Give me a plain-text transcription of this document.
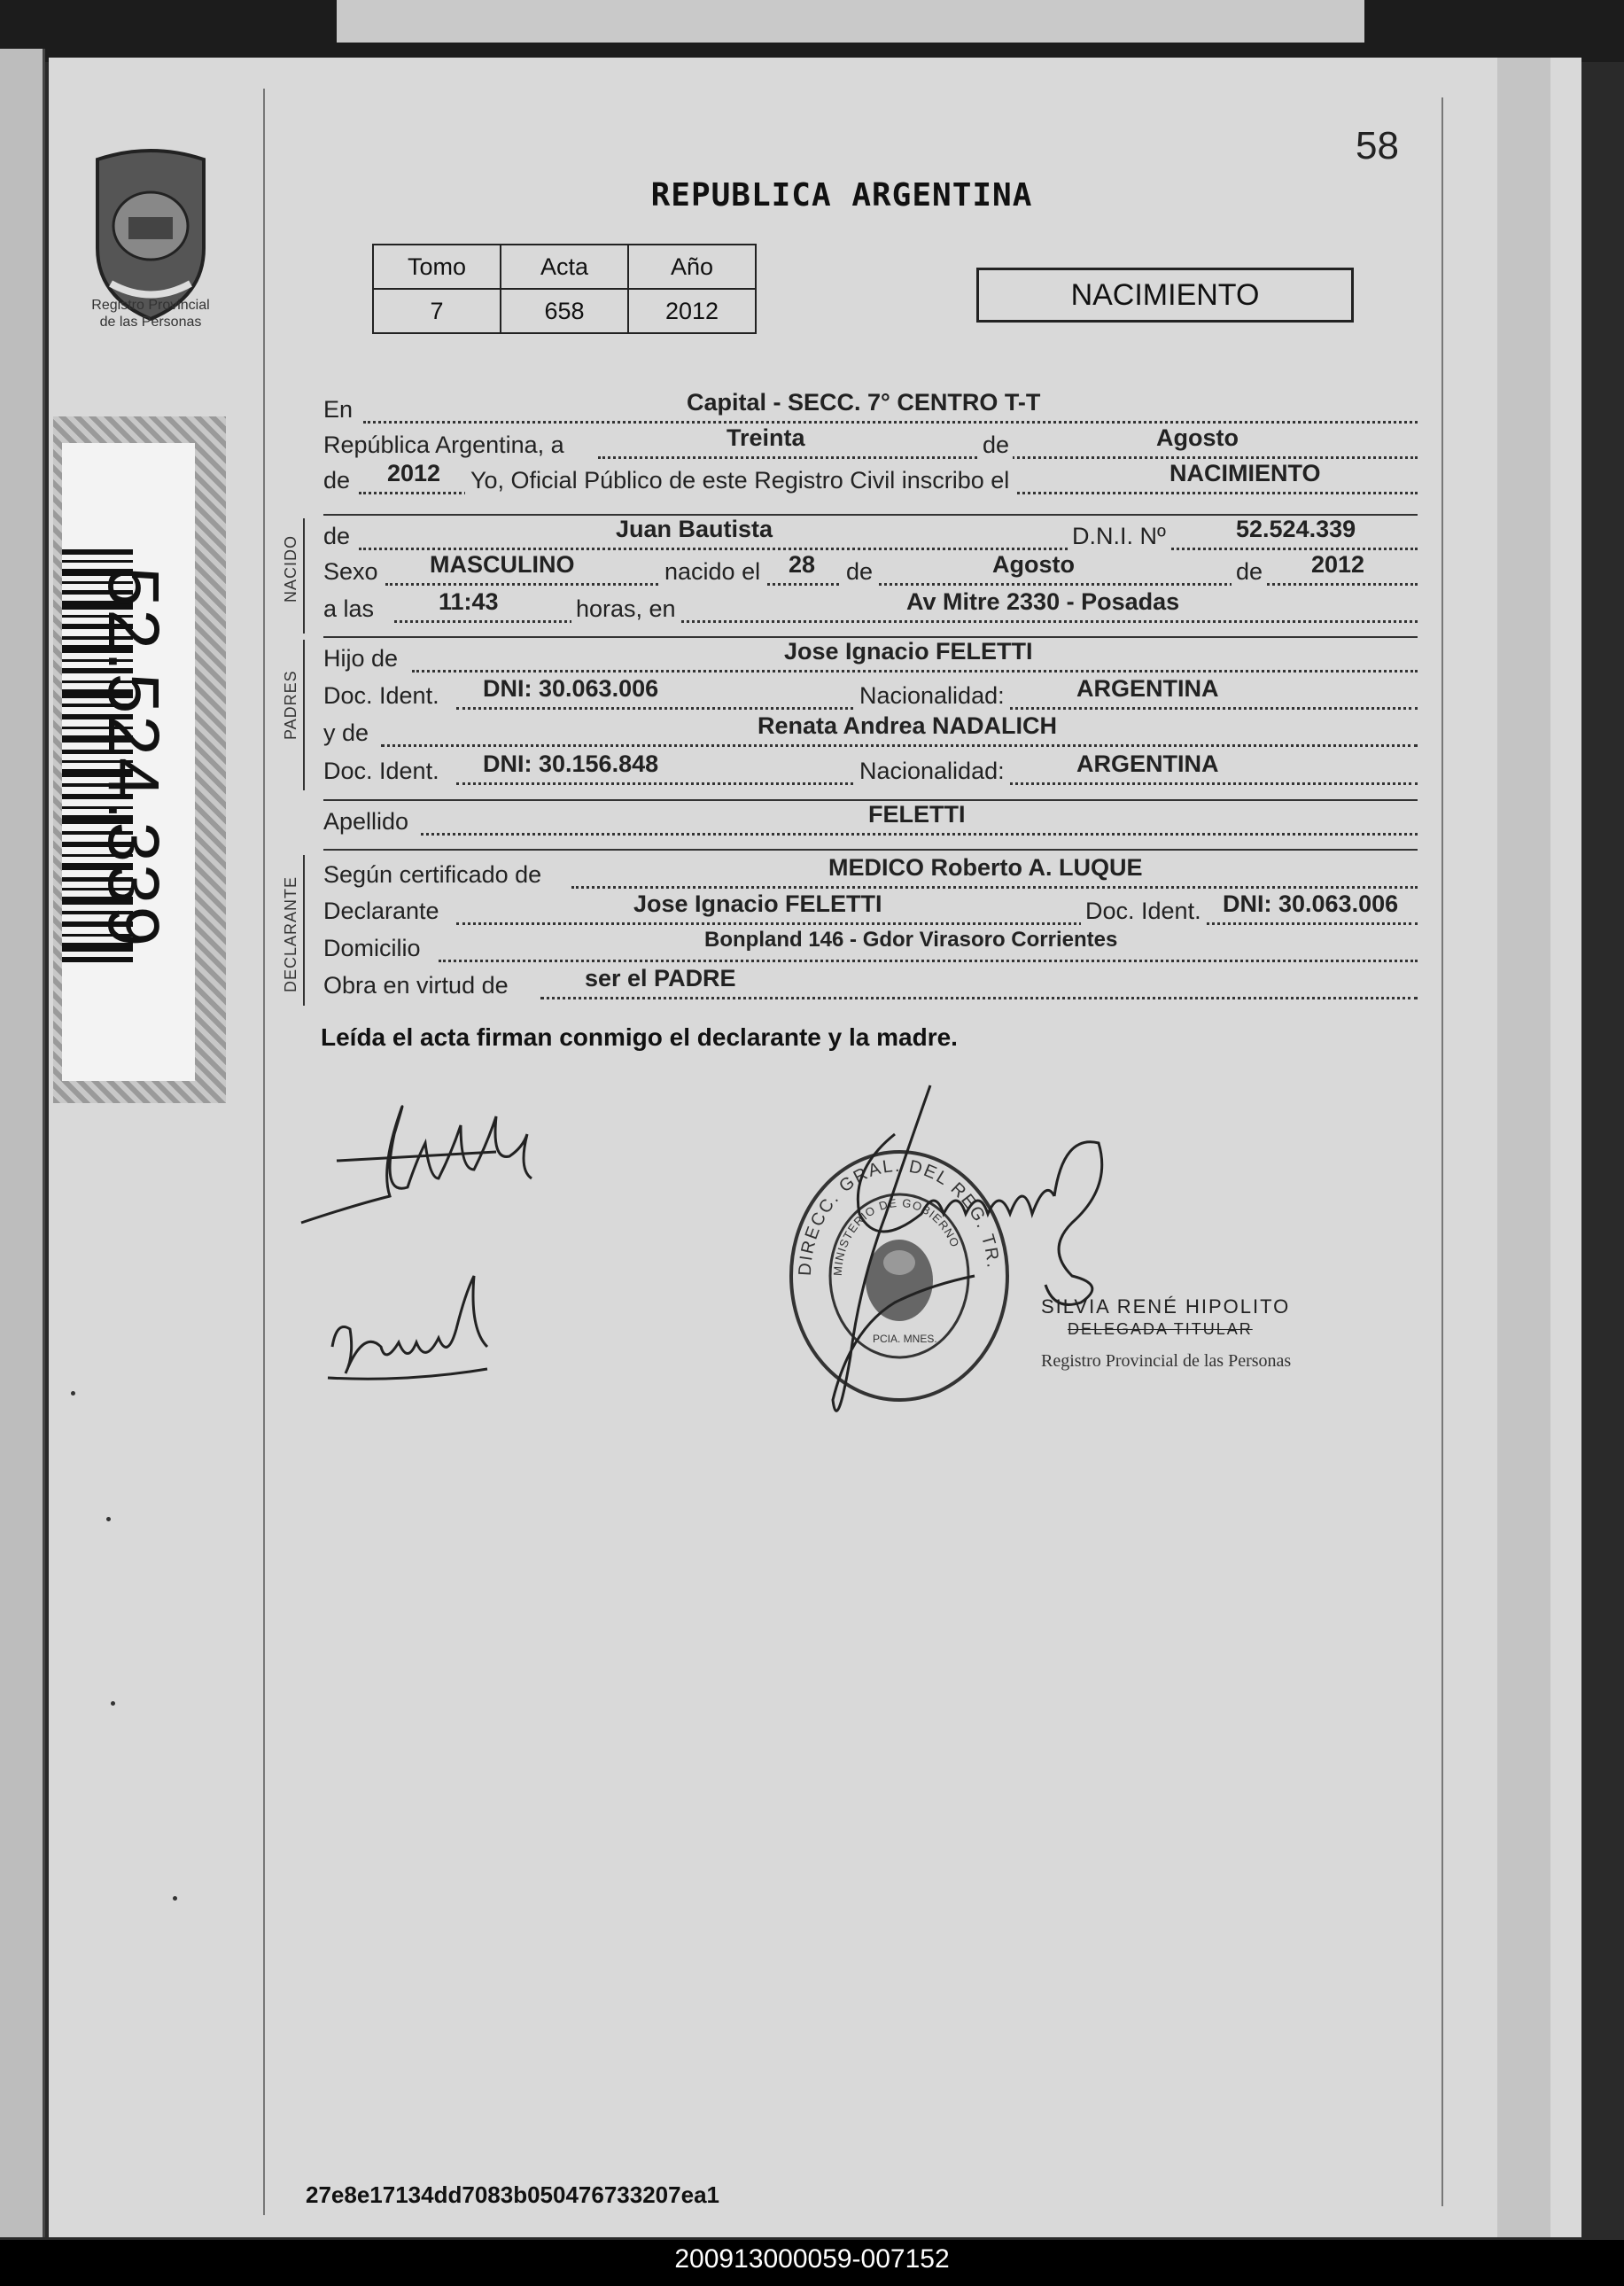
Registro Provincial
de las Personas
52.524.339
58
REPUBLICA ARGENTINA
Tomo	Acta	Año
7	658	2012	NACIMIENTO
En	Capital - SECC. 7° CENTRO T-T
República Argentina, a	Treinta	de	Agosto
de 2012 Yo, Oficial Público de este Registro Civil inscribo el	NACIMIENTO
NACIDO de	Juan Bautista	D.N.I. Nº	52.524.339
Sexo MASCULINO	nacido el 28 de	Agosto	de 2012
a las	11:43	horas, en	Av Mitre 2330 - Posadas
PADRES
Hijo de	Jose Ignacio FELETTI
Doc. Ident. DNI: 30.063.006	Nacionalidad:	ARGENTINA
y de	Renata Andrea NADALICH
Doc. Ident. DNI: 30.156.848	Nacionalidad:	ARGENTINA
Apellido	FELETTI
DECLARANTE
Según certificado de	MEDICO Roberto A. LUQUE
Declarante	Jose Ignacio FELETTI	Doc. Ident. DNI: 30.063.006
Domicilio	Bonpland 146 - Gdor Virasoro Corrientes
Obra en virtud de	ser el PADRE
Leída el acta firman conmigo el declarante y la madre.
DIRECC. GRAL. DEL REG. TR. PROVINCIAL DE LAS PERSONAS
MINISTERIO DE GOBIERNO
PCIA. MNES.
SILVIA RENÉ HIPOLITO
DELEGADA TITULAR
Registro Provincial de las Personas
27e8e17134dd7083b050476733207ea1
200913000059-007152
